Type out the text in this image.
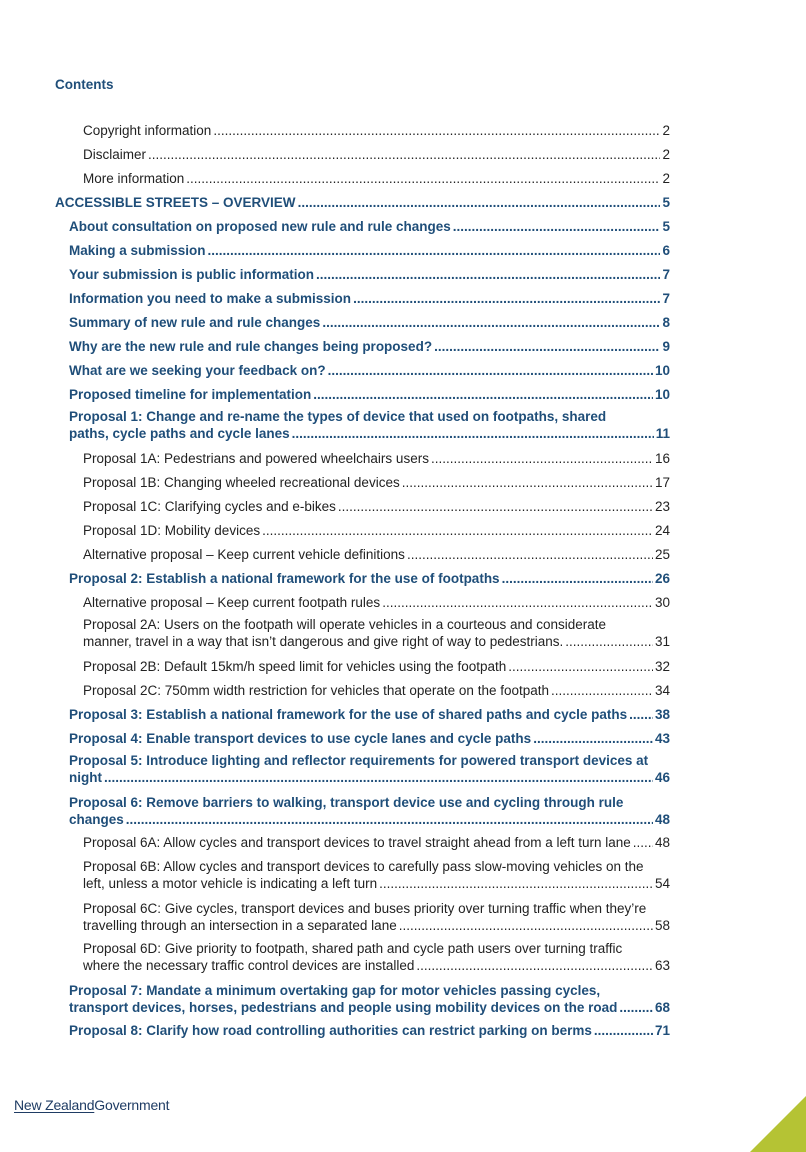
Contents
Copyright information .....	2
Disclaimer .....	2
More information .....	2
ACCESSIBLE STREETS – OVERVIEW .....	5
About consultation on proposed new rule and rule changes .....	5
Making a submission .....	6
Your submission is public information .....	7
Information you need to make a submission .....	7
Summary of new rule and rule changes .....	8
Why are the new rule and rule changes being proposed? .....	9
What are we seeking your feedback on? .....	10
Proposed timeline for implementation .....	10
Proposal 1: Change and re-name the types of device that used on footpaths, shared
paths, cycle paths and cycle lanes .....	11
Proposal 1A: Pedestrians and powered wheelchairs users .....	16
Proposal 1B: Changing wheeled recreational devices .....	17
Proposal 1C: Clarifying cycles and e-bikes .....	23
Proposal 1D: Mobility devices .....	24
Alternative proposal – Keep current vehicle definitions .....	25
Proposal 2: Establish a national framework for the use of footpaths .....	26
Alternative proposal – Keep current footpath rules .....	30
Proposal 2A: Users on the footpath will operate vehicles in a courteous and considerate
manner, travel in a way that isn’t dangerous and give right of way to pedestrians. .....	31
Proposal 2B: Default 15km/h speed limit for vehicles using the footpath .....	32
Proposal 2C: 750mm width restriction for vehicles that operate on the footpath .....	34
Proposal 3: Establish a national framework for the use of shared paths and cycle paths ..... 38
Proposal 4: Enable transport devices to use cycle lanes and cycle paths .....	43
Proposal 5: Introduce lighting and reflector requirements for powered transport devices at
night .....	46
Proposal 6: Remove barriers to walking, transport device use and cycling through rule
changes .....	48
Proposal 6A: Allow cycles and transport devices to travel straight ahead from a left turn lane ..... 48
Proposal 6B: Allow cycles and transport devices to carefully pass slow-moving vehicles on the
left, unless a motor vehicle is indicating a left turn .....	54
Proposal 6C: Give cycles, transport devices and buses priority over turning traffic when they’re
travelling through an intersection in a separated lane .....	58
Proposal 6D: Give priority to footpath, shared path and cycle path users over turning traffic
where the necessary traffic control devices are installed .....	63
Proposal 7: Mandate a minimum overtaking gap for motor vehicles passing cycles,
transport devices, horses, pedestrians and people using mobility devices on the road .....	68
Proposal 8: Clarify how road controlling authorities can restrict parking on berms .....	71
New ZealandGovernment
